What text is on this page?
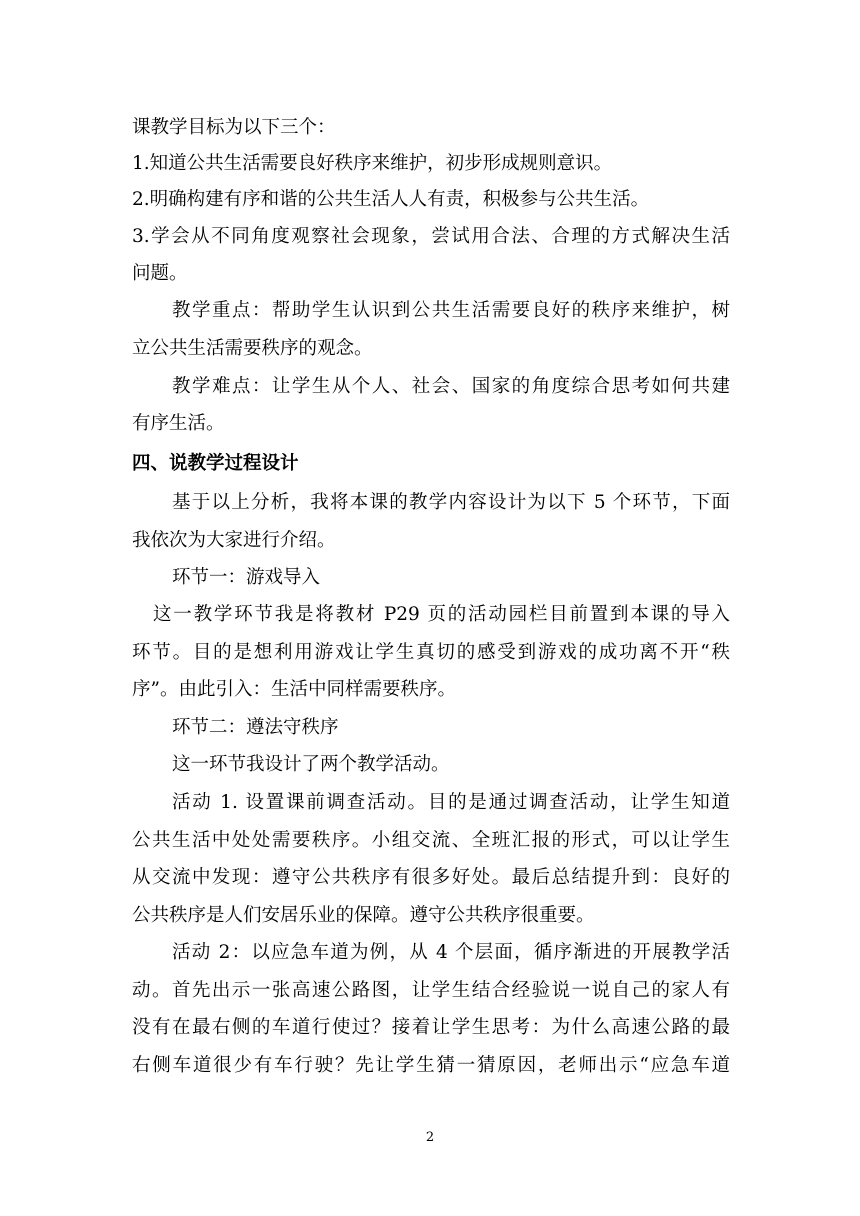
课教学目标为以下三个：
1.知道公共生活需要良好秩序来维护，初步形成规则意识。
2.明确构建有序和谐的公共生活人人有责，积极参与公共生活。
3.学会从不同角度观察社会现象，尝试用合法、合理的方式解决生活
问题。
教学重点：帮助学生认识到公共生活需要良好的秩序来维护，树
立公共生活需要秩序的观念。
教学难点：让学生从个人、社会、国家的角度综合思考如何共建
有序生活。
四、说教学过程设计
基于以上分析，我将本课的教学内容设计为以下 5 个环节，下面
我依次为大家进行介绍。
环节一：游戏导入
这一教学环节我是将教材 P29 页的活动园栏目前置到本课的导入
环节。目的是想利用游戏让学生真切的感受到游戏的成功离不开“秩
序”。由此引入：生活中同样需要秩序。
环节二：遵法守秩序
这一环节我设计了两个教学活动。
活动 1. 设置课前调查活动。目的是通过调查活动，让学生知道
公共生活中处处需要秩序。小组交流、全班汇报的形式，可以让学生
从交流中发现：遵守公共秩序有很多好处。最后总结提升到：良好的
公共秩序是人们安居乐业的保障。遵守公共秩序很重要。
活动 2：以应急车道为例，从 4 个层面，循序渐进的开展教学活
动。首先出示一张高速公路图，让学生结合经验说一说自己的家人有
没有在最右侧的车道行使过？接着让学生思考：为什么高速公路的最
右侧车道很少有车行驶？先让学生猜一猜原因，老师出示“应急车道
2
